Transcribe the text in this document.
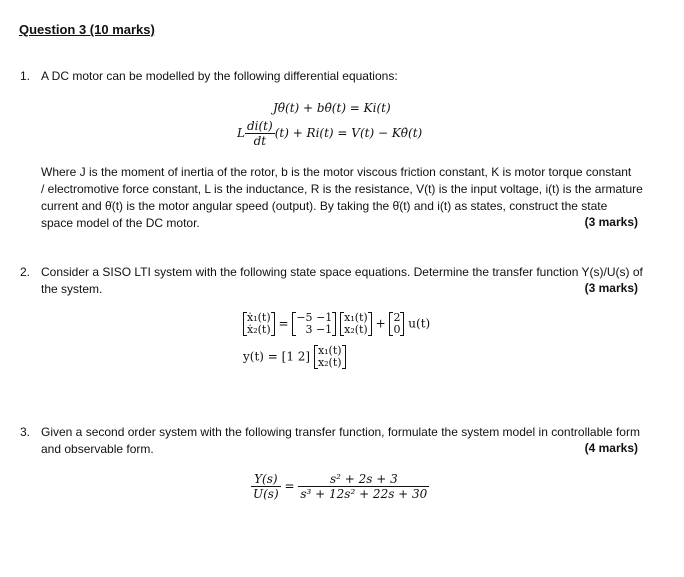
Question 3 (10 marks)
1. A DC motor can be modelled by the following differential equations:
Jθ̈(t) + bθ̇(t) = Ki(t)
L $\frac{di(t)}{dt} (t) + Ri(t) = V(t)$ − Kθ̇(t)
Where J is the moment of inertia of the rotor, b is the motor viscous friction constant, K is motor torque constant
/ electromotive force constant, L is the inductance, R is the resistance, V(t) is the input voltage, i(t) is the armature
current and θ̇(t) is the motor angular speed (output). By taking the θ̇(t) and i(t) as states, construct the state
space model of the DC motor.	(3 marks)
2. Consider a SISO LTI system with the following state space equations. Determine the transfer function Y(s)/U(s) of
the system.	(3 marks)
ẋ₁(t)
ẋ₂(t) = −5 −1
3 −1

x₁(t)
x₂(t) + 2
0 u(t)
y(t) = [1 2] x₁(t)
x₂(t)
3. Given a second order system with the following transfer function, formulate the system model in controllable form
and observable form.	(4 marks)
$\frac{Y(s)}{U(s)} = \frac{\text{s² + 2s + 3}}{\text{s³ + 12s² + 22s + 30}}$
